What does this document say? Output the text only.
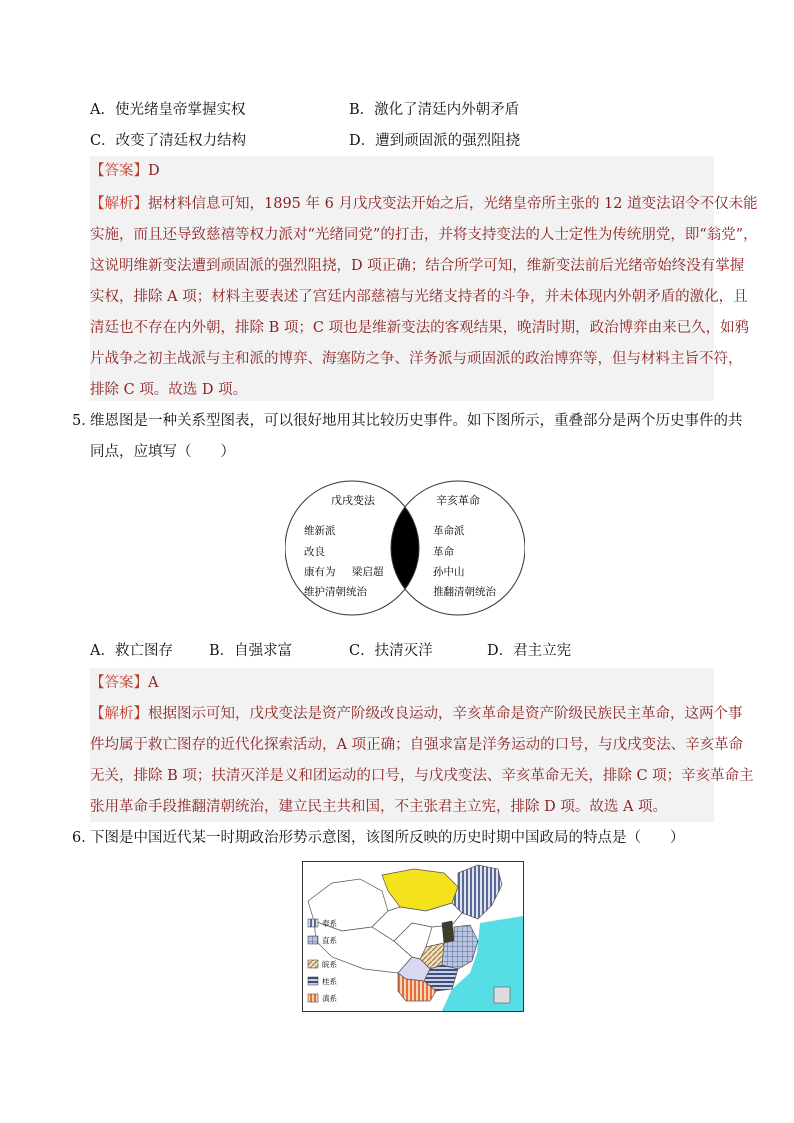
A．使光绪皇帝掌握实权	B．激化了清廷内外朝矛盾
C．改变了清廷权力结构	D．遭到顽固派的强烈阻挠
【答案】D
【解析】据材料信息可知，1895 年 6 月戊戌变法开始之后，光绪皇帝所主张的 12 道变法诏令不仅未能
实施，而且还导致慈禧等权力派对“光绪同党”的打击，并将支持变法的人士定性为传统朋党，即“翁党”，
这说明维新变法遭到顽固派的强烈阻挠，D 项正确；结合所学可知，维新变法前后光绪帝始终没有掌握
实权，排除 A 项；材料主要表述了宫廷内部慈禧与光绪支持者的斗争，并未体现内外朝矛盾的激化，且
清廷也不存在内外朝，排除 B 项；C 项也是维新变法的客观结果，晚清时期，政治博弈由来已久，如鸦
片战争之初主战派与主和派的博弈、海塞防之争、洋务派与顽固派的政治博弈等，但与材料主旨不符，
排除 C 项。故选 D 项。
5．
维恩图是一种关系型图表，可以很好地用其比较历史事件。如下图所示，重叠部分是两个历史事件的共
同点，应填写（　　）
戊戌变法	辛亥革命
维新派
改良
康有为 梁启超
维护清朝统治
革命派
革命
孙中山
推翻清朝统治
A．救亡图存 B．自强求富	C．扶清灭洋	D．君主立宪
【答案】A
【解析】根据图示可知，戊戌变法是资产阶级改良运动，辛亥革命是资产阶级民族民主革命，这两个事
件均属于救亡图存的近代化探索活动，A 项正确；自强求富是洋务运动的口号，与戊戌变法、辛亥革命
无关，排除 B 项；扶清灭洋是义和团运动的口号，与戊戌变法、辛亥革命无关，排除 C 项；辛亥革命主
张用革命手段推翻清朝统治，建立民主共和国，不主张君主立宪，排除 D 项。故选 A 项。
6．
下图是中国近代某一时期政治形势示意图，该图所反映的历史时期中国政局的特点是（　　）
奉系
直系
皖系
桂系
滇系
